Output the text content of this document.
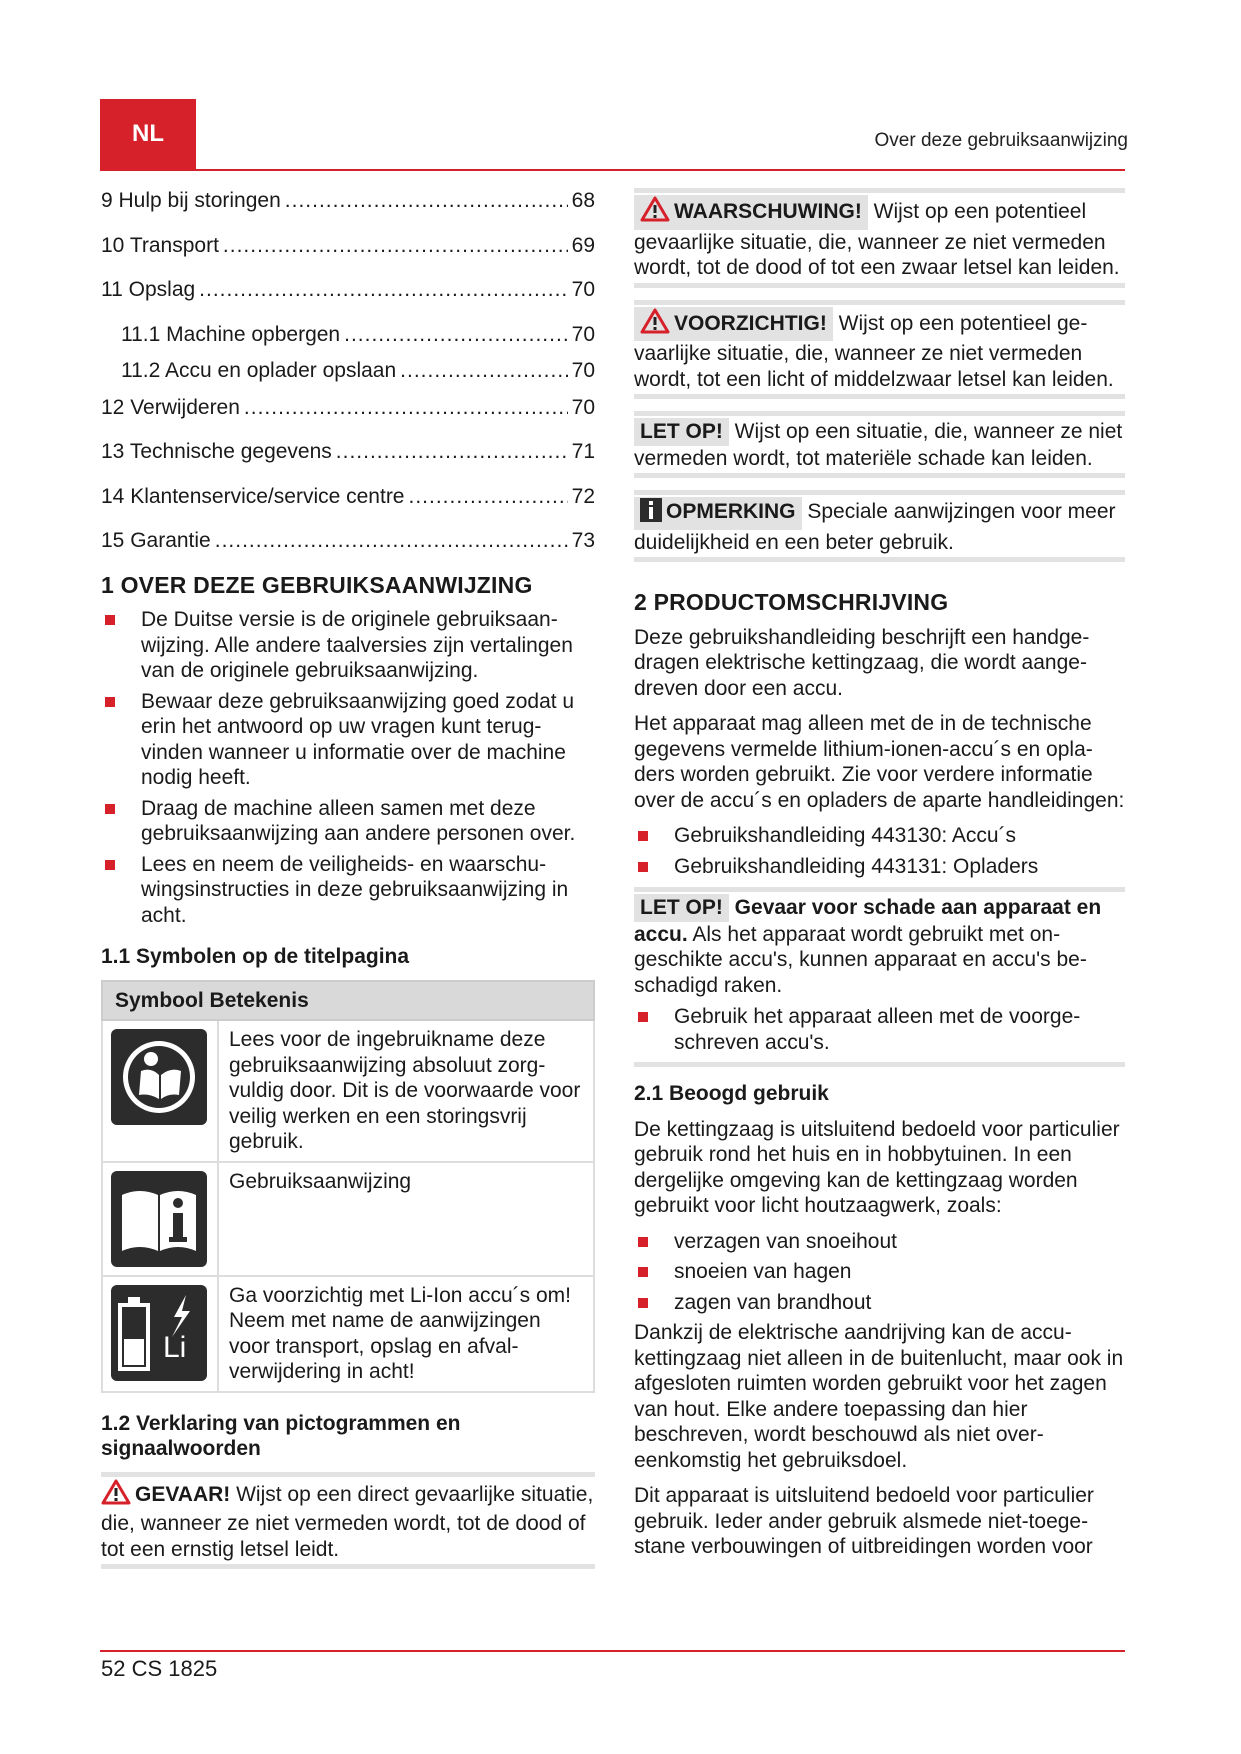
NL	Over deze gebruiksaanwijzing
9 Hulp bij storingen .....	68
10 Transport .....	69
11 Opslag .....	70
11.1 Machine opbergen .....	70
11.2 Accu en oplader opslaan .....	70
12 Verwijderen .....	70
13 Technische gegevens .....	71
14 Klantenservice/service centre .....	72
15 Garantie .....	73
1 OVER DEZE GEBRUIKSAANWIJZING
De Duitse versie is de originele gebruiksaanwijzing. Alle andere taalversies zijn vertalingen van de originele gebruiksaanwijzing.
Bewaar deze gebruiksaanwijzing goed zodat u erin het antwoord op uw vragen kunt terugvinden wanneer u informatie over de machine nodig heeft.
Draag de machine alleen samen met deze gebruiksaanwijzing aan andere personen over.
Lees en neem de veiligheids- en waarschuwingsinstructies in deze gebruiksaanwijzing in acht.
1.1 Symbolen op de titelpagina
Symbool Betekenis	

	Lees voor de ingebruikname deze gebruiksaanwijzing absoluut zorgvuldig door. Dit is de voorwaarde voor veilig werken en een storingsvrij gebruik.

	Gebruiksaanwijzing

Li	Ga voorzichtig met Li-Ion accu´s om! Neem met name de aanwijzingen voor transport, opslag en afvalverwijdering in acht!
1.2 Verklaring van pictogrammen en signaalwoorden
GEVAAR! Wijst op een direct gevaarlijke situatie, die, wanneer ze niet vermeden wordt, tot de dood of tot een ernstig letsel leidt.
WAARSCHUWING! Wijst op een potentieel gevaarlijke situatie, die, wanneer ze niet vermeden wordt, tot de dood of tot een zwaar letsel kan leiden.
VOORZICHTIG! Wijst op een potentieel gevaarlijke situatie, die, wanneer ze niet vermeden wordt, tot een licht of middelzwaar letsel kan leiden.
LET OP! Wijst op een situatie, die, wanneer ze niet vermeden wordt, tot materiële schade kan leiden.
OPMERKING Speciale aanwijzingen voor meer duidelijkheid en een beter gebruik.
2 PRODUCTOMSCHRIJVING

Deze gebruikshandleiding beschrijft een handgedragen elektrische kettingzaag, die wordt aangedreven door een accu.

Het apparaat mag alleen met de in de technische gegevens vermelde lithium-ionen-accu´s en opladers worden gebruikt. Zie voor verdere informatie over de accu´s en opladers de aparte handleidingen:

Gebruikshandleiding 443130: Accu´s
Gebruikshandleiding 443131: Opladers
LET OP! Gevaar voor schade aan apparaat en accu. Als het apparaat wordt gebruikt met ongeschikte accu's, kunnen apparaat en accu's beschadigd raken.
Gebruik het apparaat alleen met de voorgeschreven accu's.
2.1 Beoogd gebruik

De kettingzaag is uitsluitend bedoeld voor particulier gebruik rond het huis en in hobbytuinen. In een dergelijke omgeving kan de kettingzaag worden gebruikt voor licht houtzaagwerk, zoals:

verzagen van snoeihout
snoeien van hagen
zagen van brandhout

Dankzij de elektrische aandrijving kan de accu-kettingzaag niet alleen in de buitenlucht, maar ook in afgesloten ruimten worden gebruikt voor het zagen van hout. Elke andere toepassing dan hier beschreven, wordt beschouwd als niet overeenkomstig het gebruiksdoel.

Dit apparaat is uitsluitend bedoeld voor particulier gebruik. Ieder ander gebruik alsmede niet-toegestane verbouwingen of uitbreidingen worden voor

52 CS 1825
